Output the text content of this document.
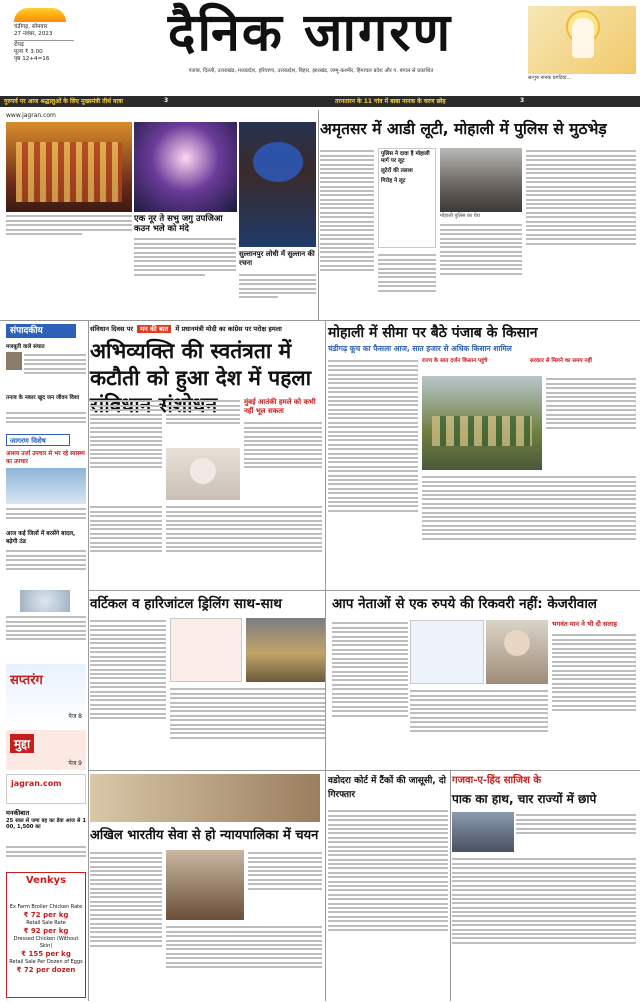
चंडीगढ़, सोमवार
27 नवंबर, 2023
रोपड़
मूल्य ₹ 3.00
पृष्ठ 12+4=16	दैनिक जागरण
पंजाब, दिल्ली, उत्तराखंड, मध्यप्रदेश, हरियाणा, उत्तरप्रदेश, बिहार, झारखंड, जम्मू-कश्मीर, हिमाचल प्रदेश और प. बंगाल से प्रकाशित
सत्गुरु नानक प्रगटिया...
गुरुपर्व पर आज श्रद्धालुओं के लिए मुख्यमंत्री तीर्थ यात्रा	3	तरनतारन के 11 गांव में बाबा नानक के चरण छोह	3
www.jagran.com
एक नूर ते सभु जगु उपजिआ कउन भले को मंदे
सुल्तानपुर लोधी में सुल्तान की रचना
अमृतसर में आडी लूटी, मोहाली में पुलिस से मुठभेड़
पुलिस ने दावा है मोहाली मार्ग पर लूट
लुटेरों की तलाश
गिरोह ने लूट
मोहाली पुलिस का घेरा
संपादकीय
मजबूती वाले संघात
तनाव के नकार खुद जन जीवन विशा
जागरण विशेष
आशय उर्जा उपचार से भर रहे स्वास्थ्य का उपचार
आज कई जिलों में बरसेंगे बादल, बढ़ेगी ठंड
संविधान दिवस पर मन की बात में प्रधानमंत्री मोदी का कांग्रेस पर परोक्ष हमला
अभिव्यक्ति की स्वतंत्रता में कटौती को हुआ देश में पहला
मुंबई आतंकी हमले को कभी नहीं भूल सकता
मोहाली में सीमा पर बैठे पंजाब के किसान
चंडीगढ़ कूच का फैसला आज, सात हजार से अधिक किसान शामिल
राज्य के सात दर्जन किसान पहुंचे	सरकार से मिलने का समय नहीं
वर्टिकल व हारिजांटल ड्रिलिंग साथ-साथ	आप नेताओं से एक रुपये की रिकवरी नहीं: केजरीवाल
भगवंत मान ने भी दी सलाह
सप्तरंग
पेज 8
मुद्दा
पेज 9
jagran.com
मनकीबात
25 साल से जमा वह का डेवा आज से 100, 1,500 का
Venkys
Ex Farm Broiler Chicken Rate
₹ 72 per kg
Retail Sale Rate
₹ 92 per kg
Dressed Chicken (Without Skin)
₹ 155 per kg
Retail Sale Per Dozen of Eggs
₹ 72 per dozen
अखिल भारतीय सेवा से हो न्यायपालिका में चयन
वडोदरा कोर्ट में टैंकों की जासूसी, दो गिरफ्तार
गजवा-ए-हिंद साजिश के
पाक का हाथ, चार राज्यों में छापे
